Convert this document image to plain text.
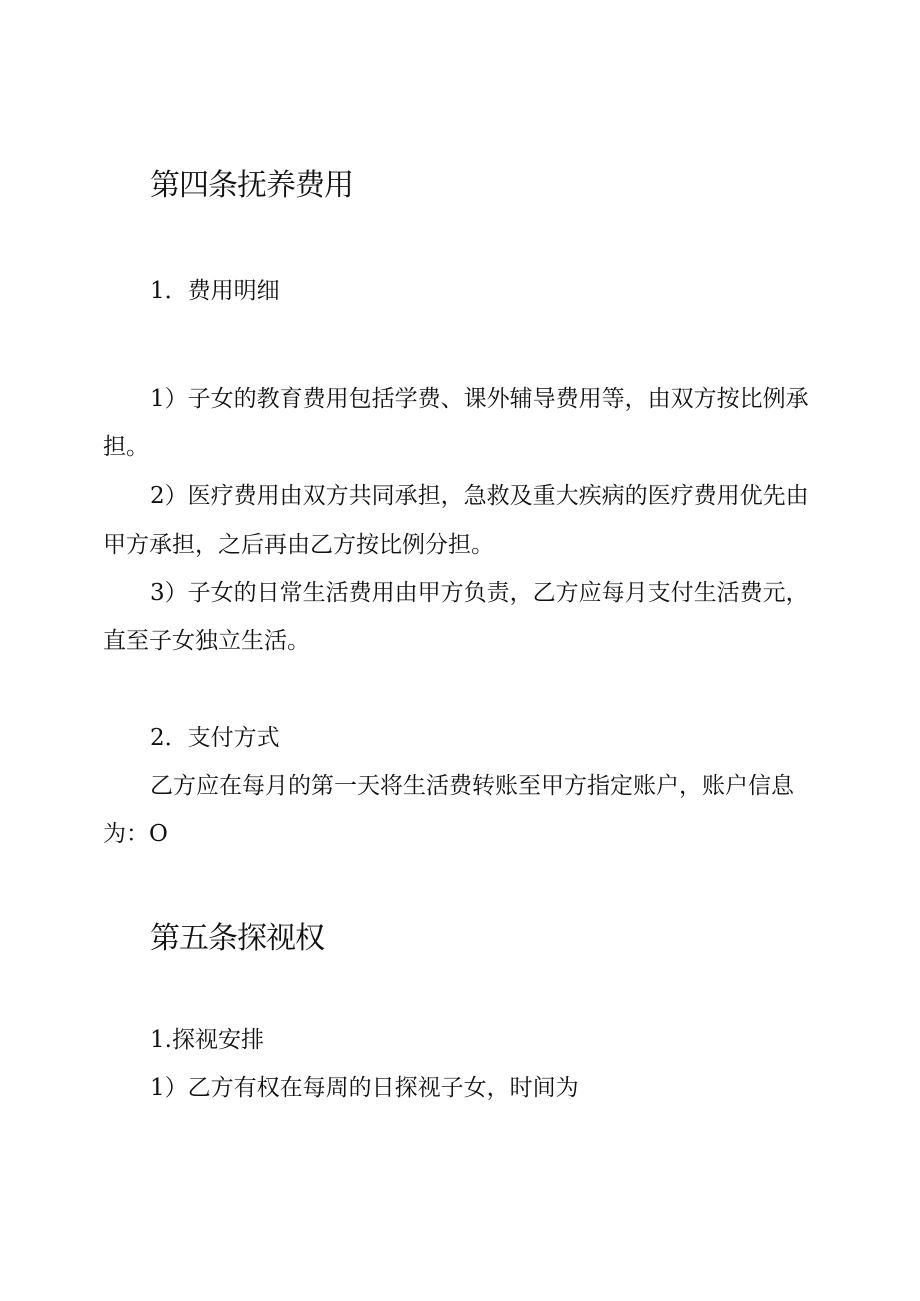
第四条抚养费用

1．费用明细

1）子女的教育费用包括学费、课外辅导费用等，由双方按比例承

担。

2）医疗费用由双方共同承担，急救及重大疾病的医疗费用优先由

甲方承担，之后再由乙方按比例分担。

3）子女的日常生活费用由甲方负责，乙方应每月支付生活费元，

直至子女独立生活。

2．支付方式

乙方应在每月的第一天将生活费转账至甲方指定账户，账户信息

为：O

第五条探视权

1.探视安排

1）乙方有权在每周的日探视子女，时间为
